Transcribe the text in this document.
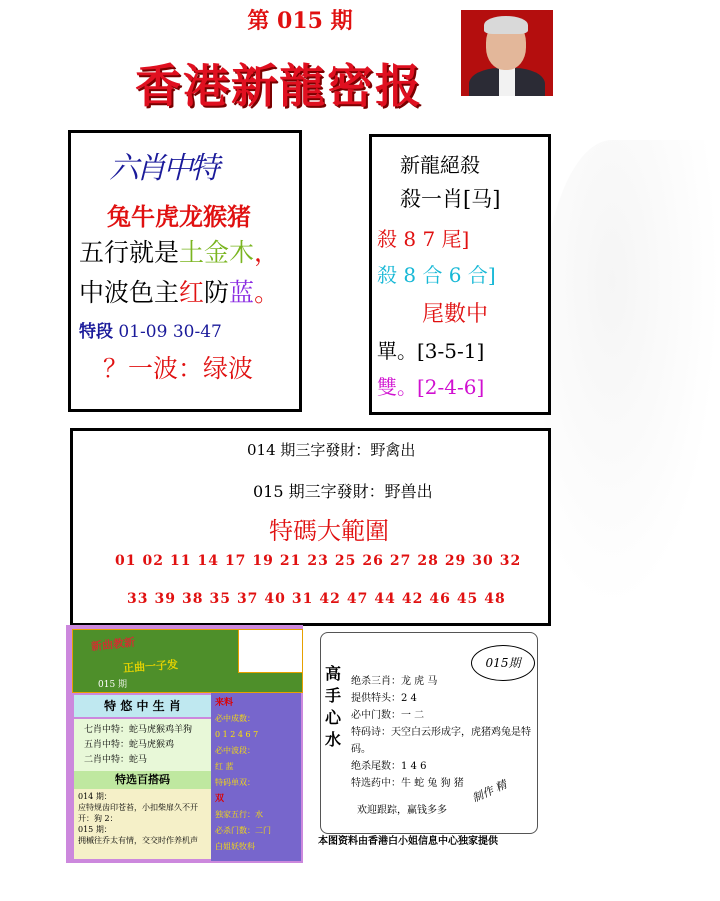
第 015 期
香港新龍密报
六肖中特
兔牛虎龙猴猪
五行就是土金木，
中波色主红防蓝。
特段 01-09 30-47
？一波：绿波
新龍絕殺
殺一肖[马]
殺 8 7 尾]
殺 8 合 6 合]
尾數中
單。[3-5-1]
雙。[2-4-6]
014 期三字發財：野禽出
015 期三字發財：野兽出
特碼大範圍
01 02 11 14 17 19 21 23 25 26 27 28 29 30 32
33 39 38 35 37 40 31 42 47 44 42 46 45 48
新曲教新
正曲一子发
015 期
特 悠 中 生 肖
七肖中特：蛇马虎猴鸡羊狗
五肖中特：蛇马虎猴鸡
二肖中特：蛇马
特选百搭码
014 期：
应特规齿印苍苔，小扣柴扉久不开
开：狗 2：
015 期：
拥槭往乔太有情，交交时作养机声
来料
必中成数：
0 1 2 4 6 7
必中波段：
红 蓝
特码单双：
双
独家五行：水
必杀门数：二门
白姐妖牧科
高
手
心
水
015期
绝杀三肖：龙 虎 马
提供特头：2 4
必中门数：一 二
特码诗：天空白云形成字，虎猪鸡兔是特码。
绝杀尾数：1 4 6
特选药中：牛 蛇 兔 狗 猪 制作 精
欢迎跟踪，赢钱多多
本图资料由香港白小姐信息中心独家提供
